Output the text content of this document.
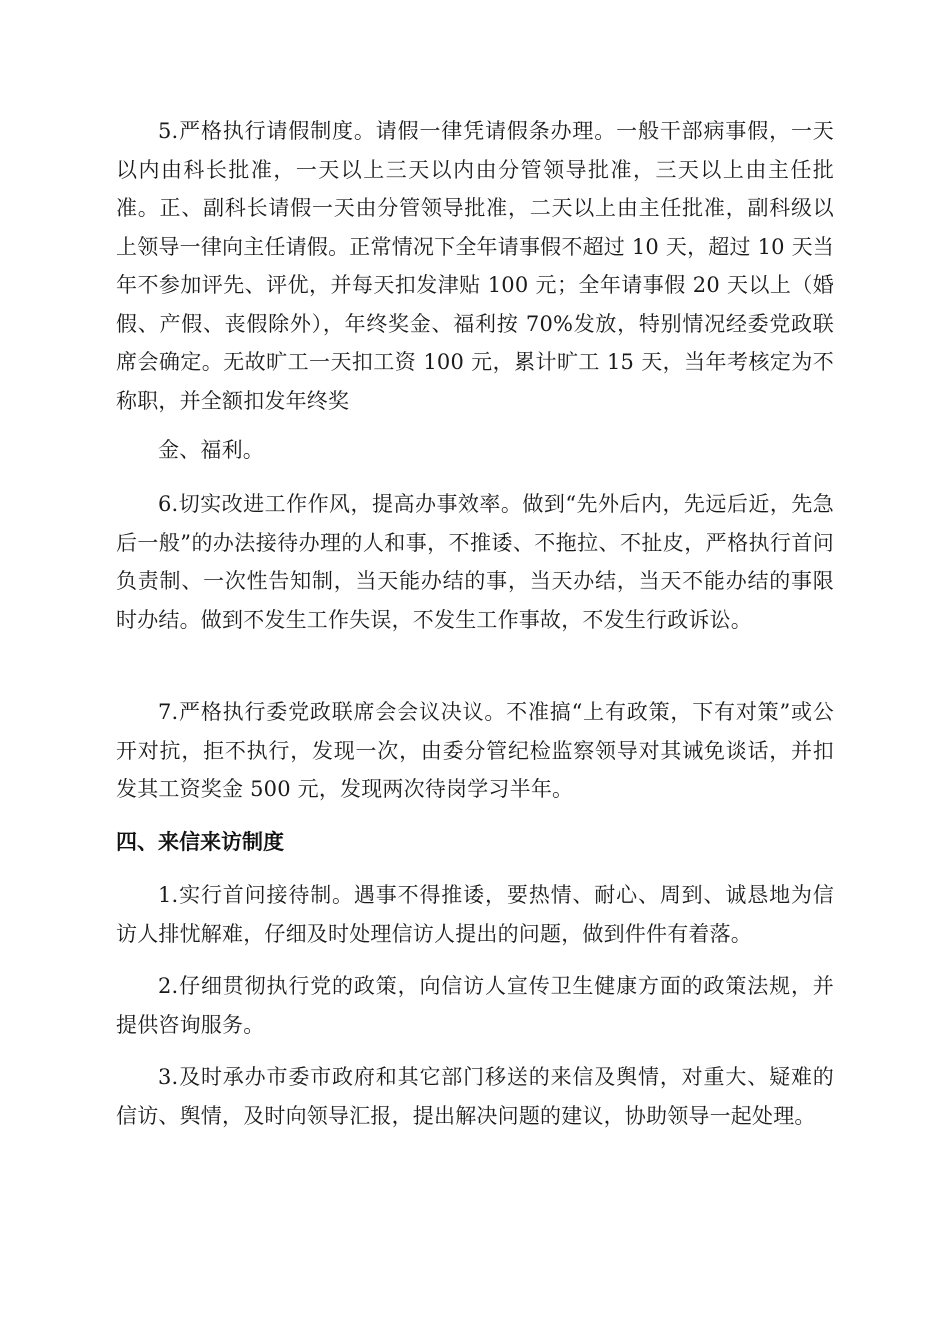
5.严格执行请假制度。请假一律凭请假条办理。一般干部病事假，一天以内由科长批准，一天以上三天以内由分管领导批准，三天以上由主任批准。正、副科长请假一天由分管领导批准，二天以上由主任批准，副科级以上领导一律向主任请假。正常情况下全年请事假不超过 10 天，超过 10 天当年不参加评先、评优，并每天扣发津贴 100 元；全年请事假 20 天以上（婚假、产假、丧假除外），年终奖金、福利按 70%发放，特别情况经委党政联席会确定。无故旷工一天扣工资 100 元，累计旷工 15 天，当年考核定为不称职，并全额扣发年终奖

金、福利。

6.切实改进工作作风，提高办事效率。做到“先外后内，先远后近，先急后一般”的办法接待办理的人和事，不推诿、不拖拉、不扯皮，严格执行首问负责制、一次性告知制，当天能办结的事，当天办结，当天不能办结的事限时办结。做到不发生工作失误，不发生工作事故，不发生行政诉讼。

7.严格执行委党政联席会会议决议。不准搞“上有政策，下有对策”或公开对抗，拒不执行，发现一次，由委分管纪检监察领导对其诫免谈话，并扣发其工资奖金 500 元，发现两次待岗学习半年。

四、来信来访制度

1.实行首问接待制。遇事不得推诿，要热情、耐心、周到、诚恳地为信访人排忧解难，仔细及时处理信访人提出的问题，做到件件有着落。

2.仔细贯彻执行党的政策，向信访人宣传卫生健康方面的政策法规，并提供咨询服务。

3.及时承办市委市政府和其它部门移送的来信及舆情，对重大、疑难的信访、舆情，及时向领导汇报，提出解决问题的建议，协助领导一起处理。
